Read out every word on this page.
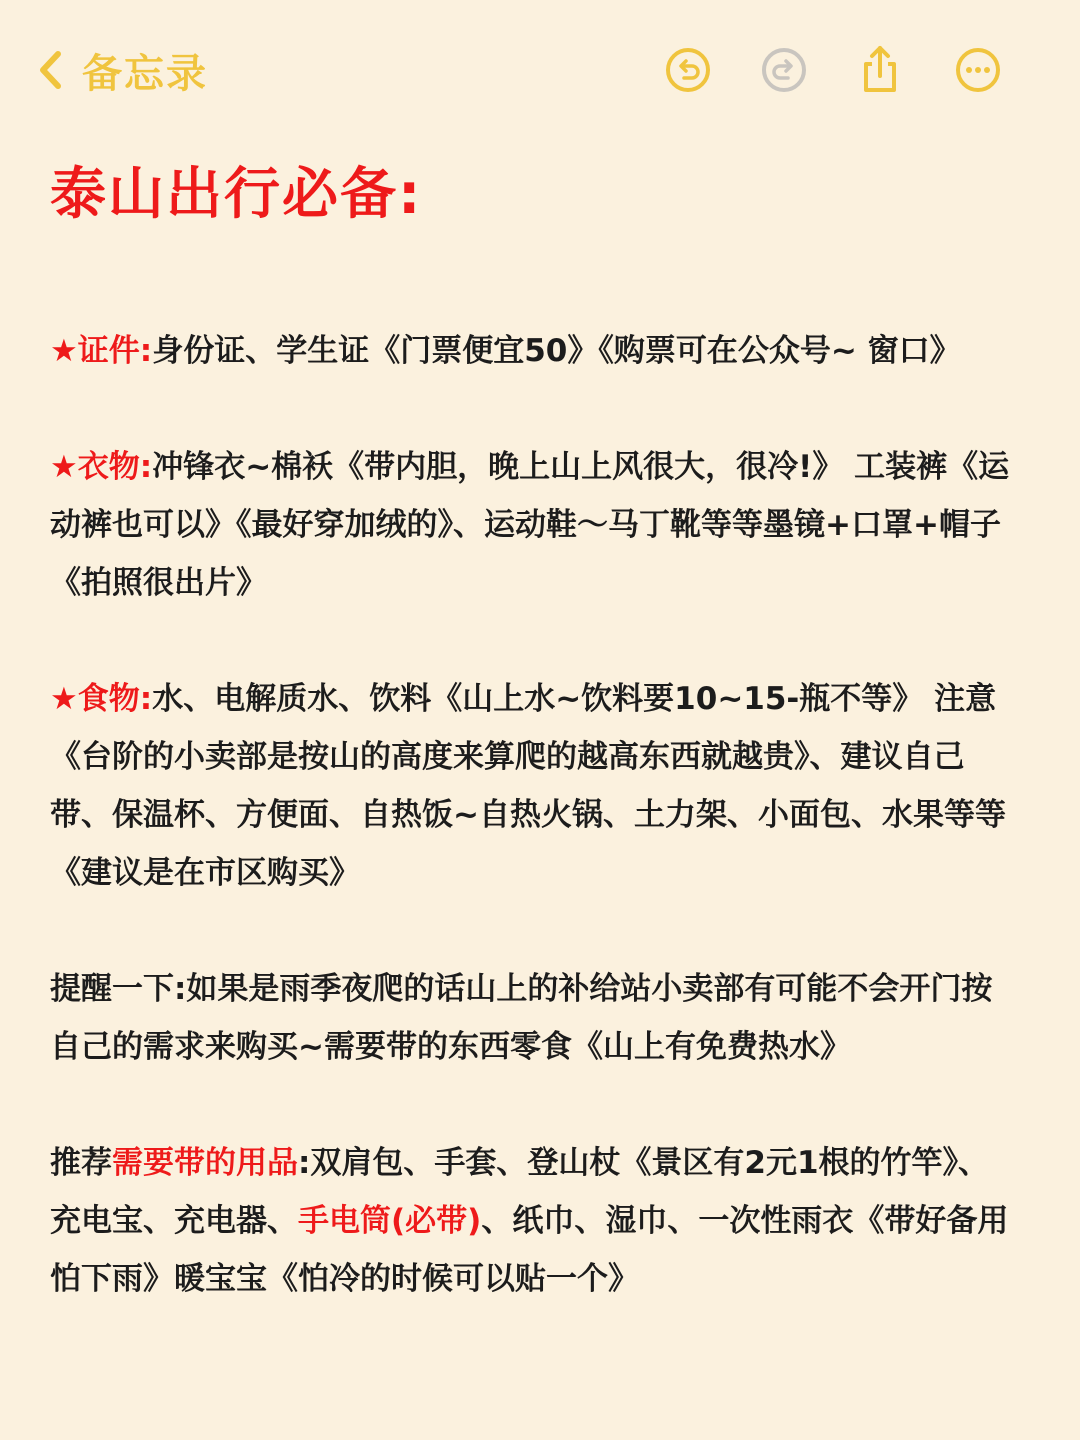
备忘录
泰山出行必备:

★证件:身份证、学生证《门票便宜50》《购票可在公众号~ 窗口》

★衣物:冲锋衣~棉袄《带内胆，晚上山上风很大，很冷!》 工装裤《运动裤也可以》《最好穿加绒的》、运动鞋～马丁靴等等墨镜+口罩+帽子《拍照很出片》

★食物:水、电解质水、饮料《山上水~饮料要10~15-瓶不等》 注意《台阶的小卖部是按山的高度来算爬的越高东西就越贵》、建议自己带、保温杯、方便面、自热饭~自热火锅、土力架、小面包、水果等等《建议是在市区购买》

提醒一下:如果是雨季夜爬的话山上的补给站小卖部有可能不会开门按自己的需求来购买~需要带的东西零食《山上有免费热水》

推荐需要带的用品:双肩包、手套、登山杖《景区有2元1根的竹竿》、充电宝、充电器、手电筒(必带)、纸巾、湿巾、一次性雨衣《带好备用怕下雨》暖宝宝《怕冷的时候可以贴一个》
